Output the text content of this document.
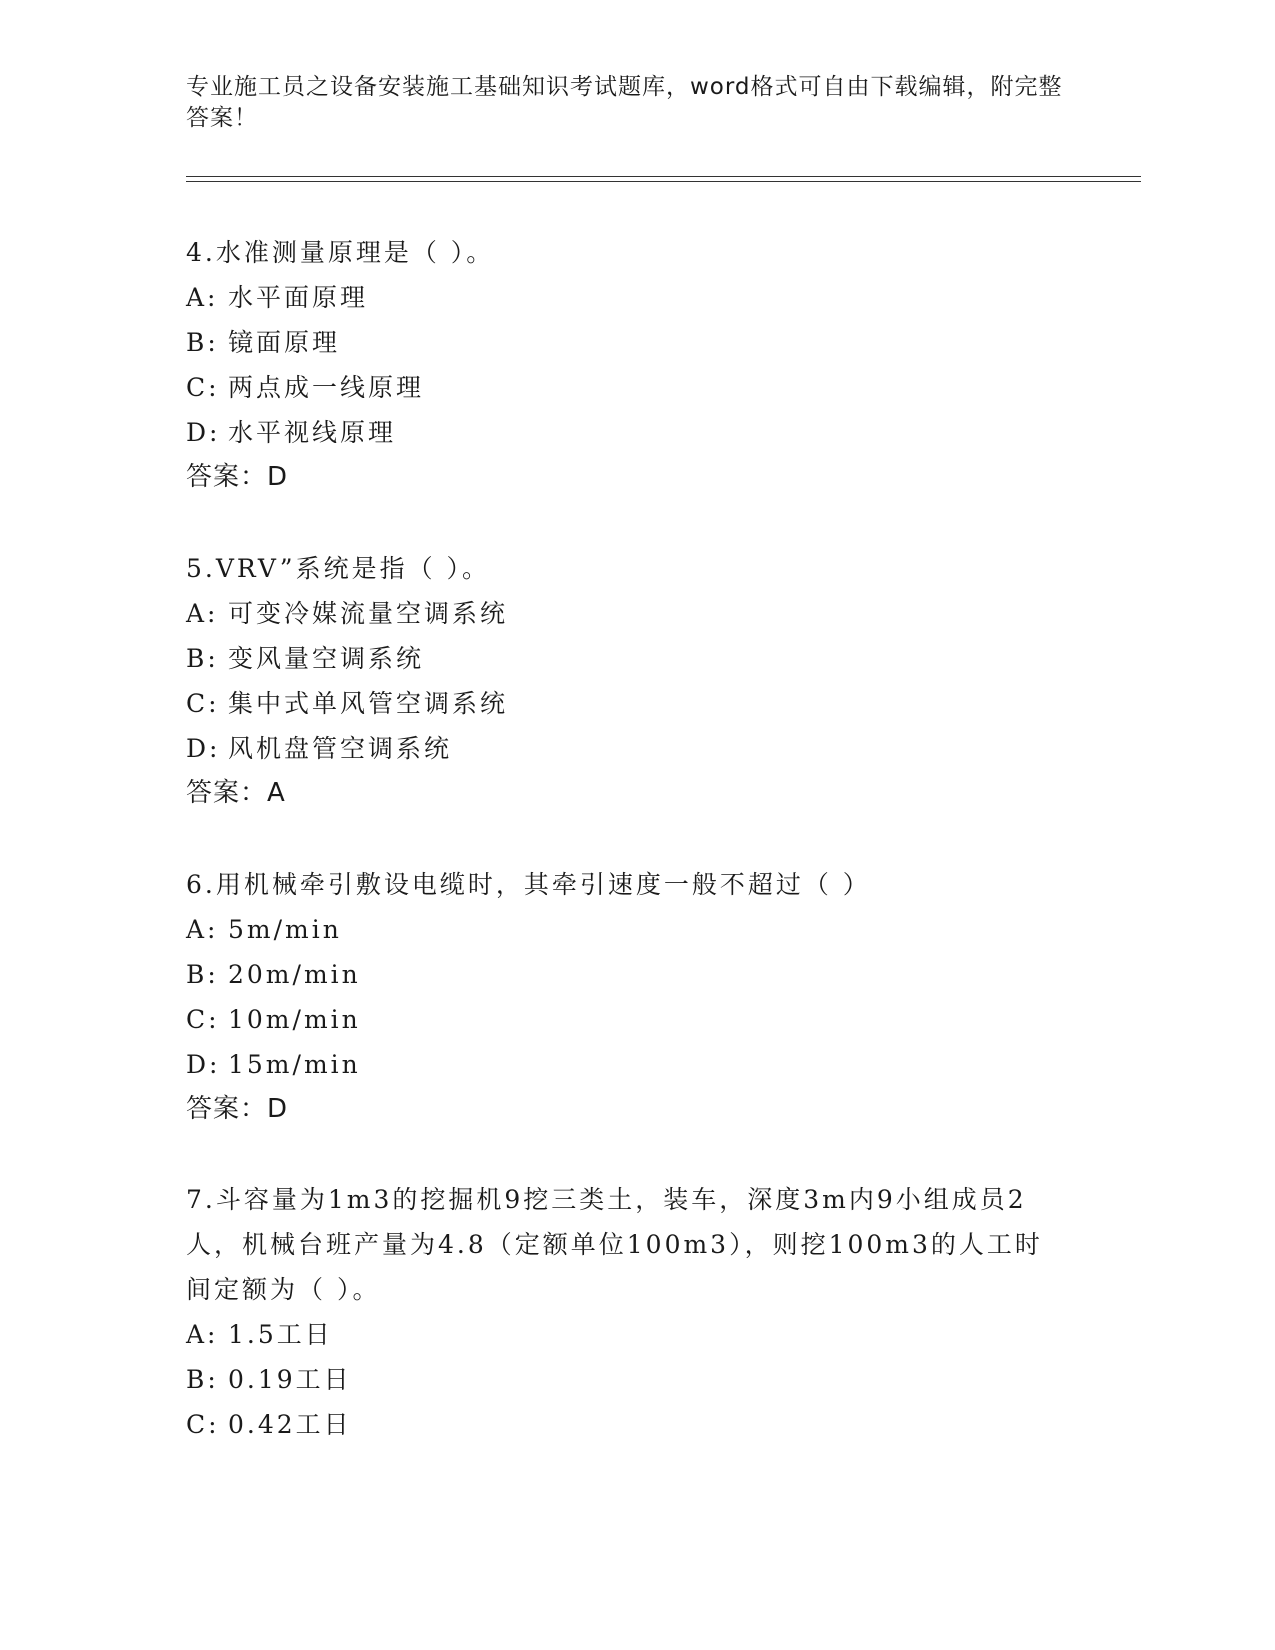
专业施工员之设备安装施工基础知识考试题库，word格式可自由下载编辑，附完整答案！
4.水准测量原理是（ ）。
A: 水平面原理
B: 镜面原理
C: 两点成一线原理
D: 水平视线原理
答案：D
5.VRV”系统是指（ ）。
A: 可变冷媒流量空调系统
B: 变风量空调系统
C: 集中式单风管空调系统
D: 风机盘管空调系统
答案：A
6.用机械牵引敷设电缆时，其牵引速度一般不超过（ ）
A: 5m/min
B: 20m/min
C: 10m/min
D: 15m/min
答案：D
7.斗容量为1m3的挖掘机9挖三类土，装车，深度3m内9小组成员2人，机械台班产量为4.8（定额单位100m3），则挖100m3的人工时间定额为（ ）。
A: 1.5工日
B: 0.19工日
C: 0.42工日
